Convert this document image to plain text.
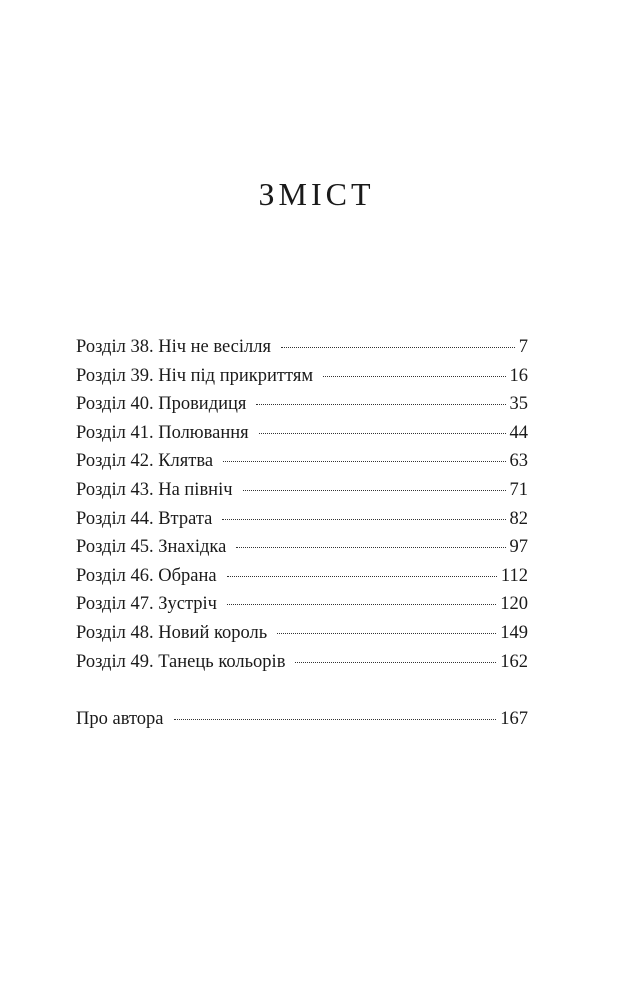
ЗМІСТ
Розділ 38. Ніч не весілля	7
Розділ 39. Ніч під прикриттям	16
Розділ 40. Провидиця	35
Розділ 41. Полювання	44
Розділ 42. Клятва	63
Розділ 43. На північ	71
Розділ 44. Втрата	82
Розділ 45. Знахідка	97
Розділ 46. Обрана	112
Розділ 47. Зустріч	120
Розділ 48. Новий король	149
Розділ 49. Танець кольорів	162
Про автора	167
